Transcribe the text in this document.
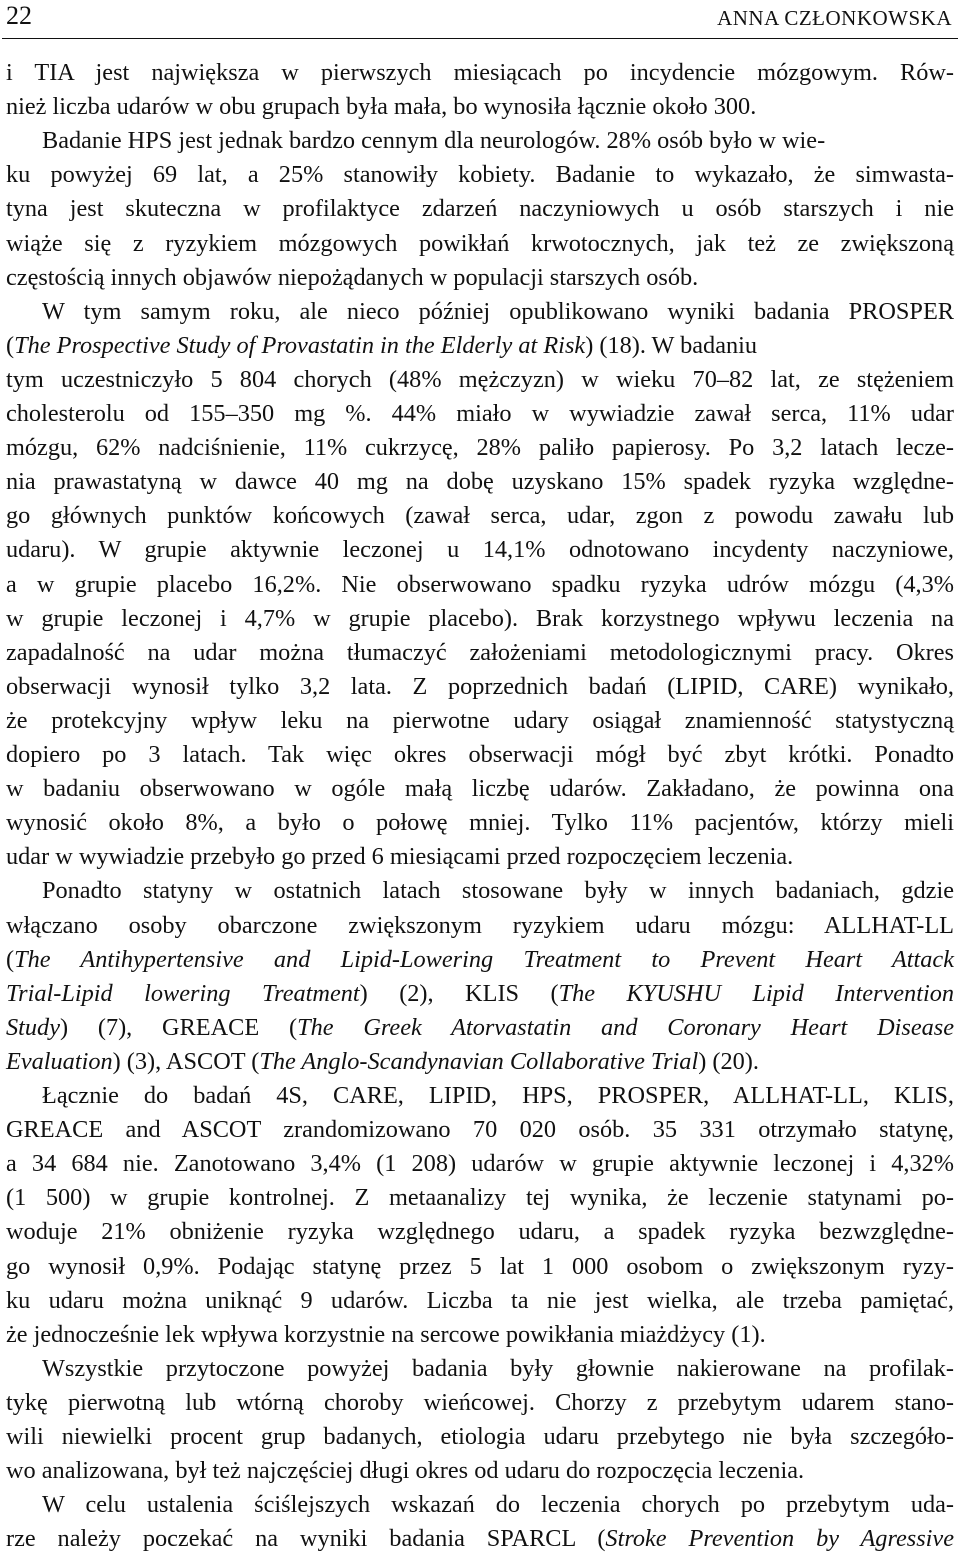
22	ANNA CZŁONKOWSKA
i TIA jest największa w pierwszych miesiącach po incydencie mózgowym. Rów-
nież liczba udarów w obu grupach była mała, bo wynosiła łącznie około 300.
Badanie HPS jest jednak bardzo cennym dla neurologów. 28% osób było w wie-
ku powyżej 69 lat, a 25% stanowiły kobiety. Badanie to wykazało, że simwasta-
tyna jest skuteczna w profilaktyce zdarzeń naczyniowych u osób starszych i nie
wiąże się z ryzykiem mózgowych powikłań krwotocznych, jak też ze zwiększoną
częstością innych objawów niepożądanych w populacji starszych osób.
W tym samym roku, ale nieco później opublikowano wyniki badania PROSPER
(The Prospective Study of Provastatin in the Elderly at Risk) (18). W badaniu
tym uczestniczyło 5 804 chorych (48% mężczyzn) w wieku 70–82 lat, ze stężeniem
cholesterolu od 155–350 mg %. 44% miało w wywiadzie zawał serca, 11% udar
mózgu, 62% nadciśnienie, 11% cukrzycę, 28% paliło papierosy. Po 3,2 latach lecze-
nia prawastatyną w dawce 40 mg na dobę uzyskano 15% spadek ryzyka względne-
go głównych punktów końcowych (zawał serca, udar, zgon z powodu zawału lub
udaru). W grupie aktywnie leczonej u 14,1% odnotowano incydenty naczyniowe,
a w grupie placebo 16,2%. Nie obserwowano spadku ryzyka udrów mózgu (4,3%
w grupie leczonej i 4,7% w grupie placebo). Brak korzystnego wpływu leczenia na
zapadalność na udar można tłumaczyć założeniami metodologicznymi pracy. Okres
obserwacji wynosił tylko 3,2 lata. Z poprzednich badań (LIPID, CARE) wynikało,
że protekcyjny wpływ leku na pierwotne udary osiągał znamienność statystyczną
dopiero po 3 latach. Tak więc okres obserwacji mógł być zbyt krótki. Ponadto
w badaniu obserwowano w ogóle małą liczbę udarów. Zakładano, że powinna ona
wynosić około 8%, a było o połowę mniej. Tylko 11% pacjentów, którzy mieli
udar w wywiadzie przebyło go przed 6 miesiącami przed rozpoczęciem leczenia.
Ponadto statyny w ostatnich latach stosowane były w innych badaniach, gdzie
włączano osoby obarczone zwiększonym ryzykiem udaru mózgu: ALLHAT-LL
(The Antihypertensive and Lipid-Lowering Treatment to Prevent Heart Attack
Trial-Lipid lowering Treatment) (2), KLIS (The KYUSHU Lipid Intervention
Study) (7), GREACE (The Greek Atorvastatin and Coronary Heart Disease
Evaluation) (3), ASCOT (The Anglo-Scandynavian Collaborative Trial) (20).
Łącznie do badań 4S, CARE, LIPID, HPS, PROSPER, ALLHAT-LL, KLIS,
GREACE and ASCOT zrandomizowano 70 020 osób. 35 331 otrzymało statynę,
a 34 684 nie. Zanotowano 3,4% (1 208) udarów w grupie aktywnie leczonej i 4,32%
(1 500) w grupie kontrolnej. Z metaanalizy tej wynika, że leczenie statynami po-
woduje 21% obniżenie ryzyka względnego udaru, a spadek ryzyka bezwzględne-
go wynosił 0,9%. Podając statynę przez 5 lat 1 000 osobom o zwiększonym ryzy-
ku udaru można uniknąć 9 udarów. Liczba ta nie jest wielka, ale trzeba pamiętać,
że jednocześnie lek wpływa korzystnie na sercowe powikłania miażdżycy (1).
Wszystkie przytoczone powyżej badania były głownie nakierowane na profilak-
tykę pierwotną lub wtórną choroby wieńcowej. Chorzy z przebytym udarem stano-
wili niewielki procent grup badanych, etiologia udaru przebytego nie była szczegóło-
wo analizowana, był też najczęściej długi okres od udaru do rozpoczęcia leczenia.
W celu ustalenia ściślejszych wskazań do leczenia chorych po przebytym uda-
rze należy poczekać na wyniki badania SPARCL (Stroke Prevention by Agressive
